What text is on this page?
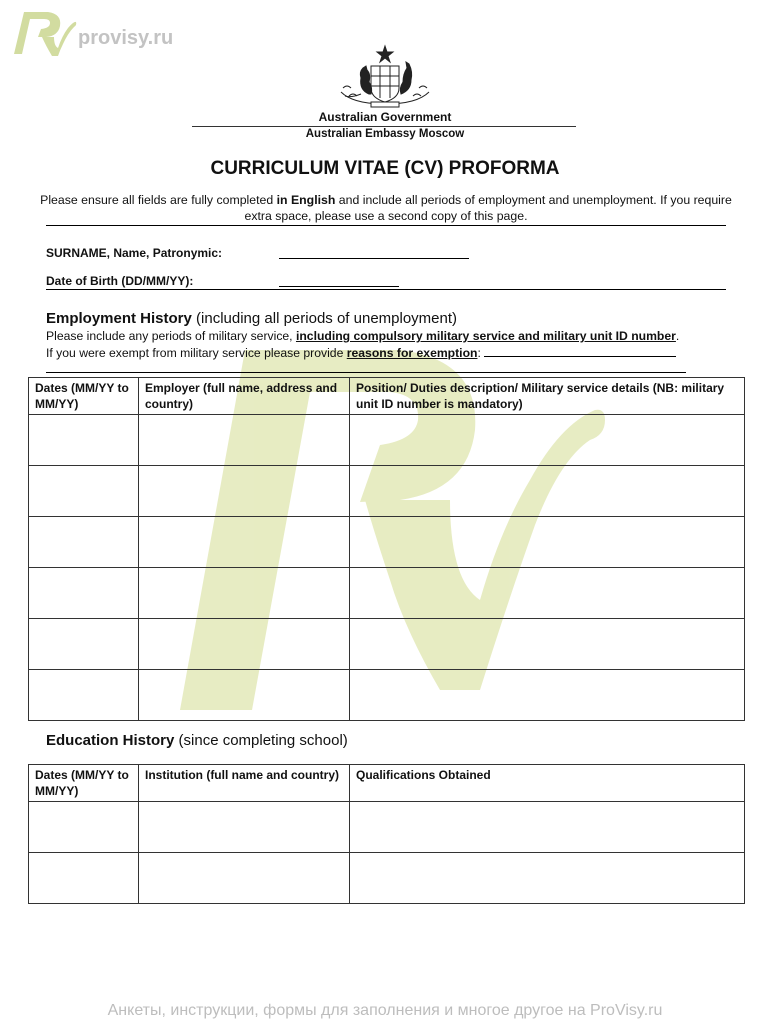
provisy.ru
Анкеты, инструкции, формы для заполнения и многое другое на ProVisy.ru
Australian Government
Australian Embassy Moscow
CURRICULUM VITAE (CV) PROFORMA
Please ensure all fields are fully completed in English and include all periods of employment and unemployment. If you require extra space, please use a second copy of this page.
SURNAME, Name, Patronymic:
Date of Birth (DD/MM/YY):
Employment History (including all periods of unemployment)
Please include any periods of military service, including compulsory military service and military unit ID number.
If you were exempt from military service please provide reasons for exemption:
Dates (MM/YY to MM/YY)	Employer (full name, address and country)	Position/ Duties description/ Military service details (NB: military unit ID number is mandatory)

Education History (since completing school)
Dates (MM/YY to MM/YY)	Institution (full name and country)	Qualifications Obtained
